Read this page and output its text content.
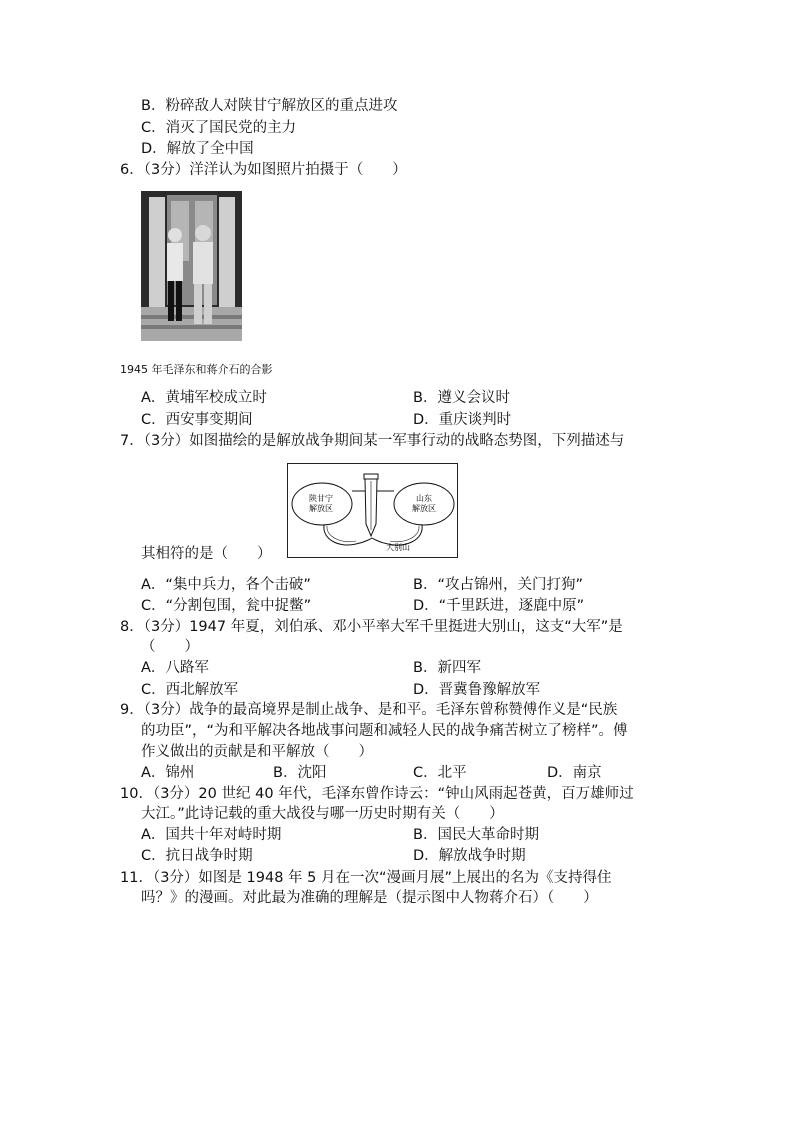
B．粉碎敌人对陕甘宁解放区的重点进攻
C．消灭了国民党的主力
D．解放了全中国
6．（3分）洋洋认为如图照片拍摄于（　　）
1945 年毛泽东和蒋介石的合影
A．黄埔军校成立时	B．遵义会议时
C．西安事变期间	D．重庆谈判时
7．（3分）如图描绘的是解放战争期间某一军事行动的战略态势图，下列描述与
陕甘宁
解放区
山东
解放区
大别山
其相符的是（　　）
A．“集中兵力，各个击破”	B．“攻占锦州，关门打狗”
C．“分割包围，瓮中捉鳖”	D．“千里跃进，逐鹿中原”
8．（3分）1947 年夏，刘伯承、邓小平率大军千里挺进大别山，这支“大军”是
（　　）
A．八路军	B．新四军
C．西北解放军	D．晋冀鲁豫解放军
9．（3分）战争的最高境界是制止战争、是和平。毛泽东曾称赞傅作义是“民族
的功臣”，“为和平解决各地战事问题和减轻人民的战争痛苦树立了榜样”。傅
作义做出的贡献是和平解放（　　）
A．锦州	B．沈阳	C．北平	D．南京
10．（3分）20 世纪 40 年代，毛泽东曾作诗云：“钟山风雨起苍黄，百万雄师过
大江。”此诗记载的重大战役与哪一历史时期有关（　　）
A．国共十年对峙时期	B．国民大革命时期
C．抗日战争时期	D．解放战争时期
11．（3分）如图是 1948 年 5 月在一次“漫画月展”上展出的名为《支持得住
吗？》的漫画。对此最为准确的理解是（提示图中人物蒋介石）（　　）
